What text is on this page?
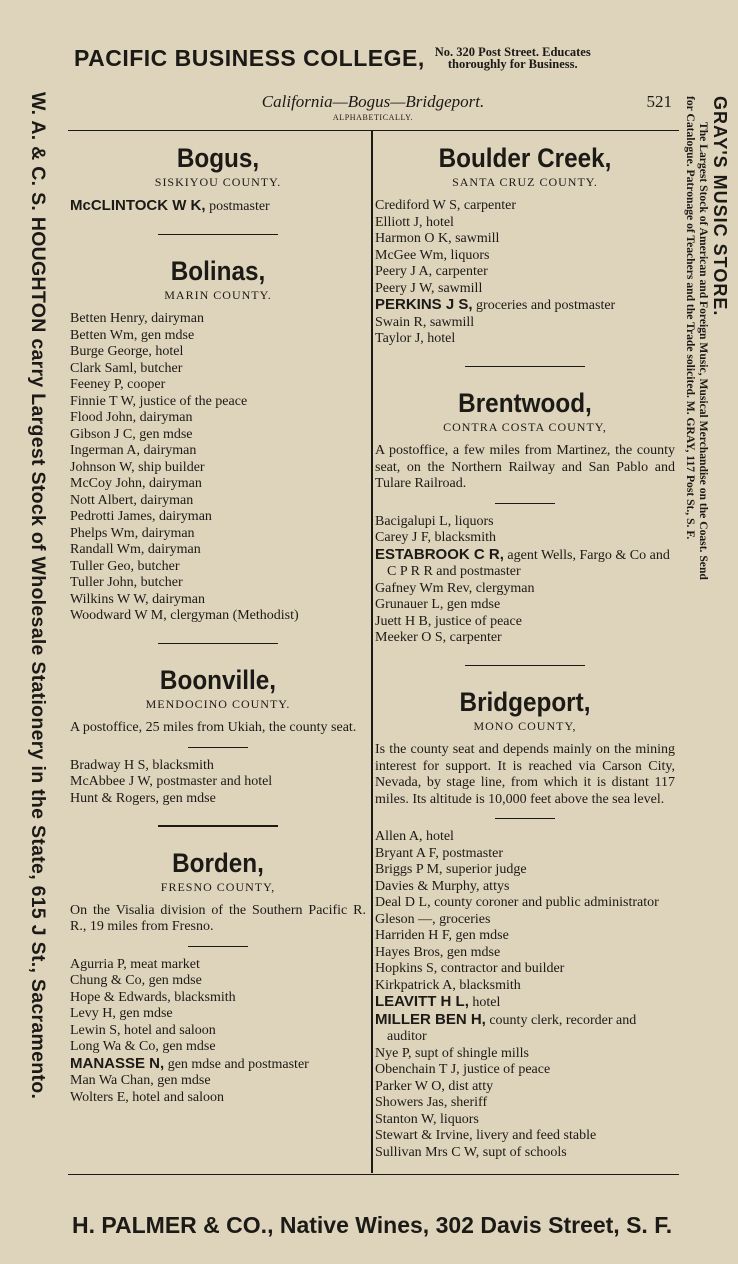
PACIFIC BUSINESS COLLEGE, No. 320 Post Street. Educates
thoroughly for Business.
W. A. & C. S. HOUGHTON carry Largest Stock of Wholesale Stationery in the State, 615 J St., Sacramento.	GRAY'S MUSIC STORE.
The Largest Stock of American and Foreign Music, Musical Merchandise on the Coast. Send
for Catalogue. Patronage of Teachers and the Trade solicited. M. GRAY, 117 Post St., S. F.
California—Bogus—Bridgeport.	521
ALPHABETICALLY.
Bogus,
SISKIYOU COUNTY.
McCLINTOCK W K, postmaster
Bolinas,
MARIN COUNTY.
Betten Henry, dairyman
Betten Wm, gen mdse
Burge George, hotel
Clark Saml, butcher
Feeney P, cooper
Finnie T W, justice of the peace
Flood John, dairyman
Gibson J C, gen mdse
Ingerman A, dairyman
Johnson W, ship builder
McCoy John, dairyman
Nott Albert, dairyman
Pedrotti James, dairyman
Phelps Wm, dairyman
Randall Wm, dairyman
Tuller Geo, butcher
Tuller John, butcher
Wilkins W W, dairyman
Woodward W M, clergyman (Methodist)
Boonville,
MENDOCINO COUNTY.
A postoffice, 25 miles from Ukiah, the county seat.
Bradway H S, blacksmith
McAbbee J W, postmaster and hotel
Hunt & Rogers, gen mdse
Borden,
FRESNO COUNTY,
On the Visalia division of the Southern Pacific R. R., 19 miles from Fresno.
Agurria P, meat market
Chung & Co, gen mdse
Hope & Edwards, blacksmith
Levy H, gen mdse
Lewin S, hotel and saloon
Long Wa & Co, gen mdse
MANASSE N, gen mdse and postmaster
Man Wa Chan, gen mdse
Wolters E, hotel and saloon
Boulder Creek,
SANTA CRUZ COUNTY.
Crediford W S, carpenter
Elliott J, hotel
Harmon O K, sawmill
McGee Wm, liquors
Peery J A, carpenter
Peery J W, sawmill
PERKINS J S, groceries and postmaster
Swain R, sawmill
Taylor J, hotel
Brentwood,
CONTRA COSTA COUNTY,
A postoffice, a few miles from Martinez, the county seat, on the Northern Railway and San Pablo and Tulare Railroad.
Bacigalupi L, liquors
Carey J F, blacksmith
ESTABROOK C R, agent Wells, Fargo & Co and C P R R and postmaster
Gafney Wm Rev, clergyman
Grunauer L, gen mdse
Juett H B, justice of peace
Meeker O S, carpenter
Bridgeport,
MONO COUNTY,
Is the county seat and depends mainly on the mining interest for support. It is reached via Carson City, Nevada, by stage line, from which it is distant 117 miles. Its altitude is 10,000 feet above the sea level.
Allen A, hotel
Bryant A F, postmaster
Briggs P M, superior judge
Davies & Murphy, attys
Deal D L, county coroner and public administrator
Gleson —, groceries
Harriden H F, gen mdse
Hayes Bros, gen mdse
Hopkins S, contractor and builder
Kirkpatrick A, blacksmith
LEAVITT H L, hotel
MILLER BEN H, county clerk, recorder and auditor
Nye P, supt of shingle mills
Obenchain T J, justice of peace
Parker W O, dist atty
Showers Jas, sheriff
Stanton W, liquors
Stewart & Irvine, livery and feed stable
Sullivan Mrs C W, supt of schools
H. PALMER & CO., Native Wines, 302 Davis Street, S. F.
